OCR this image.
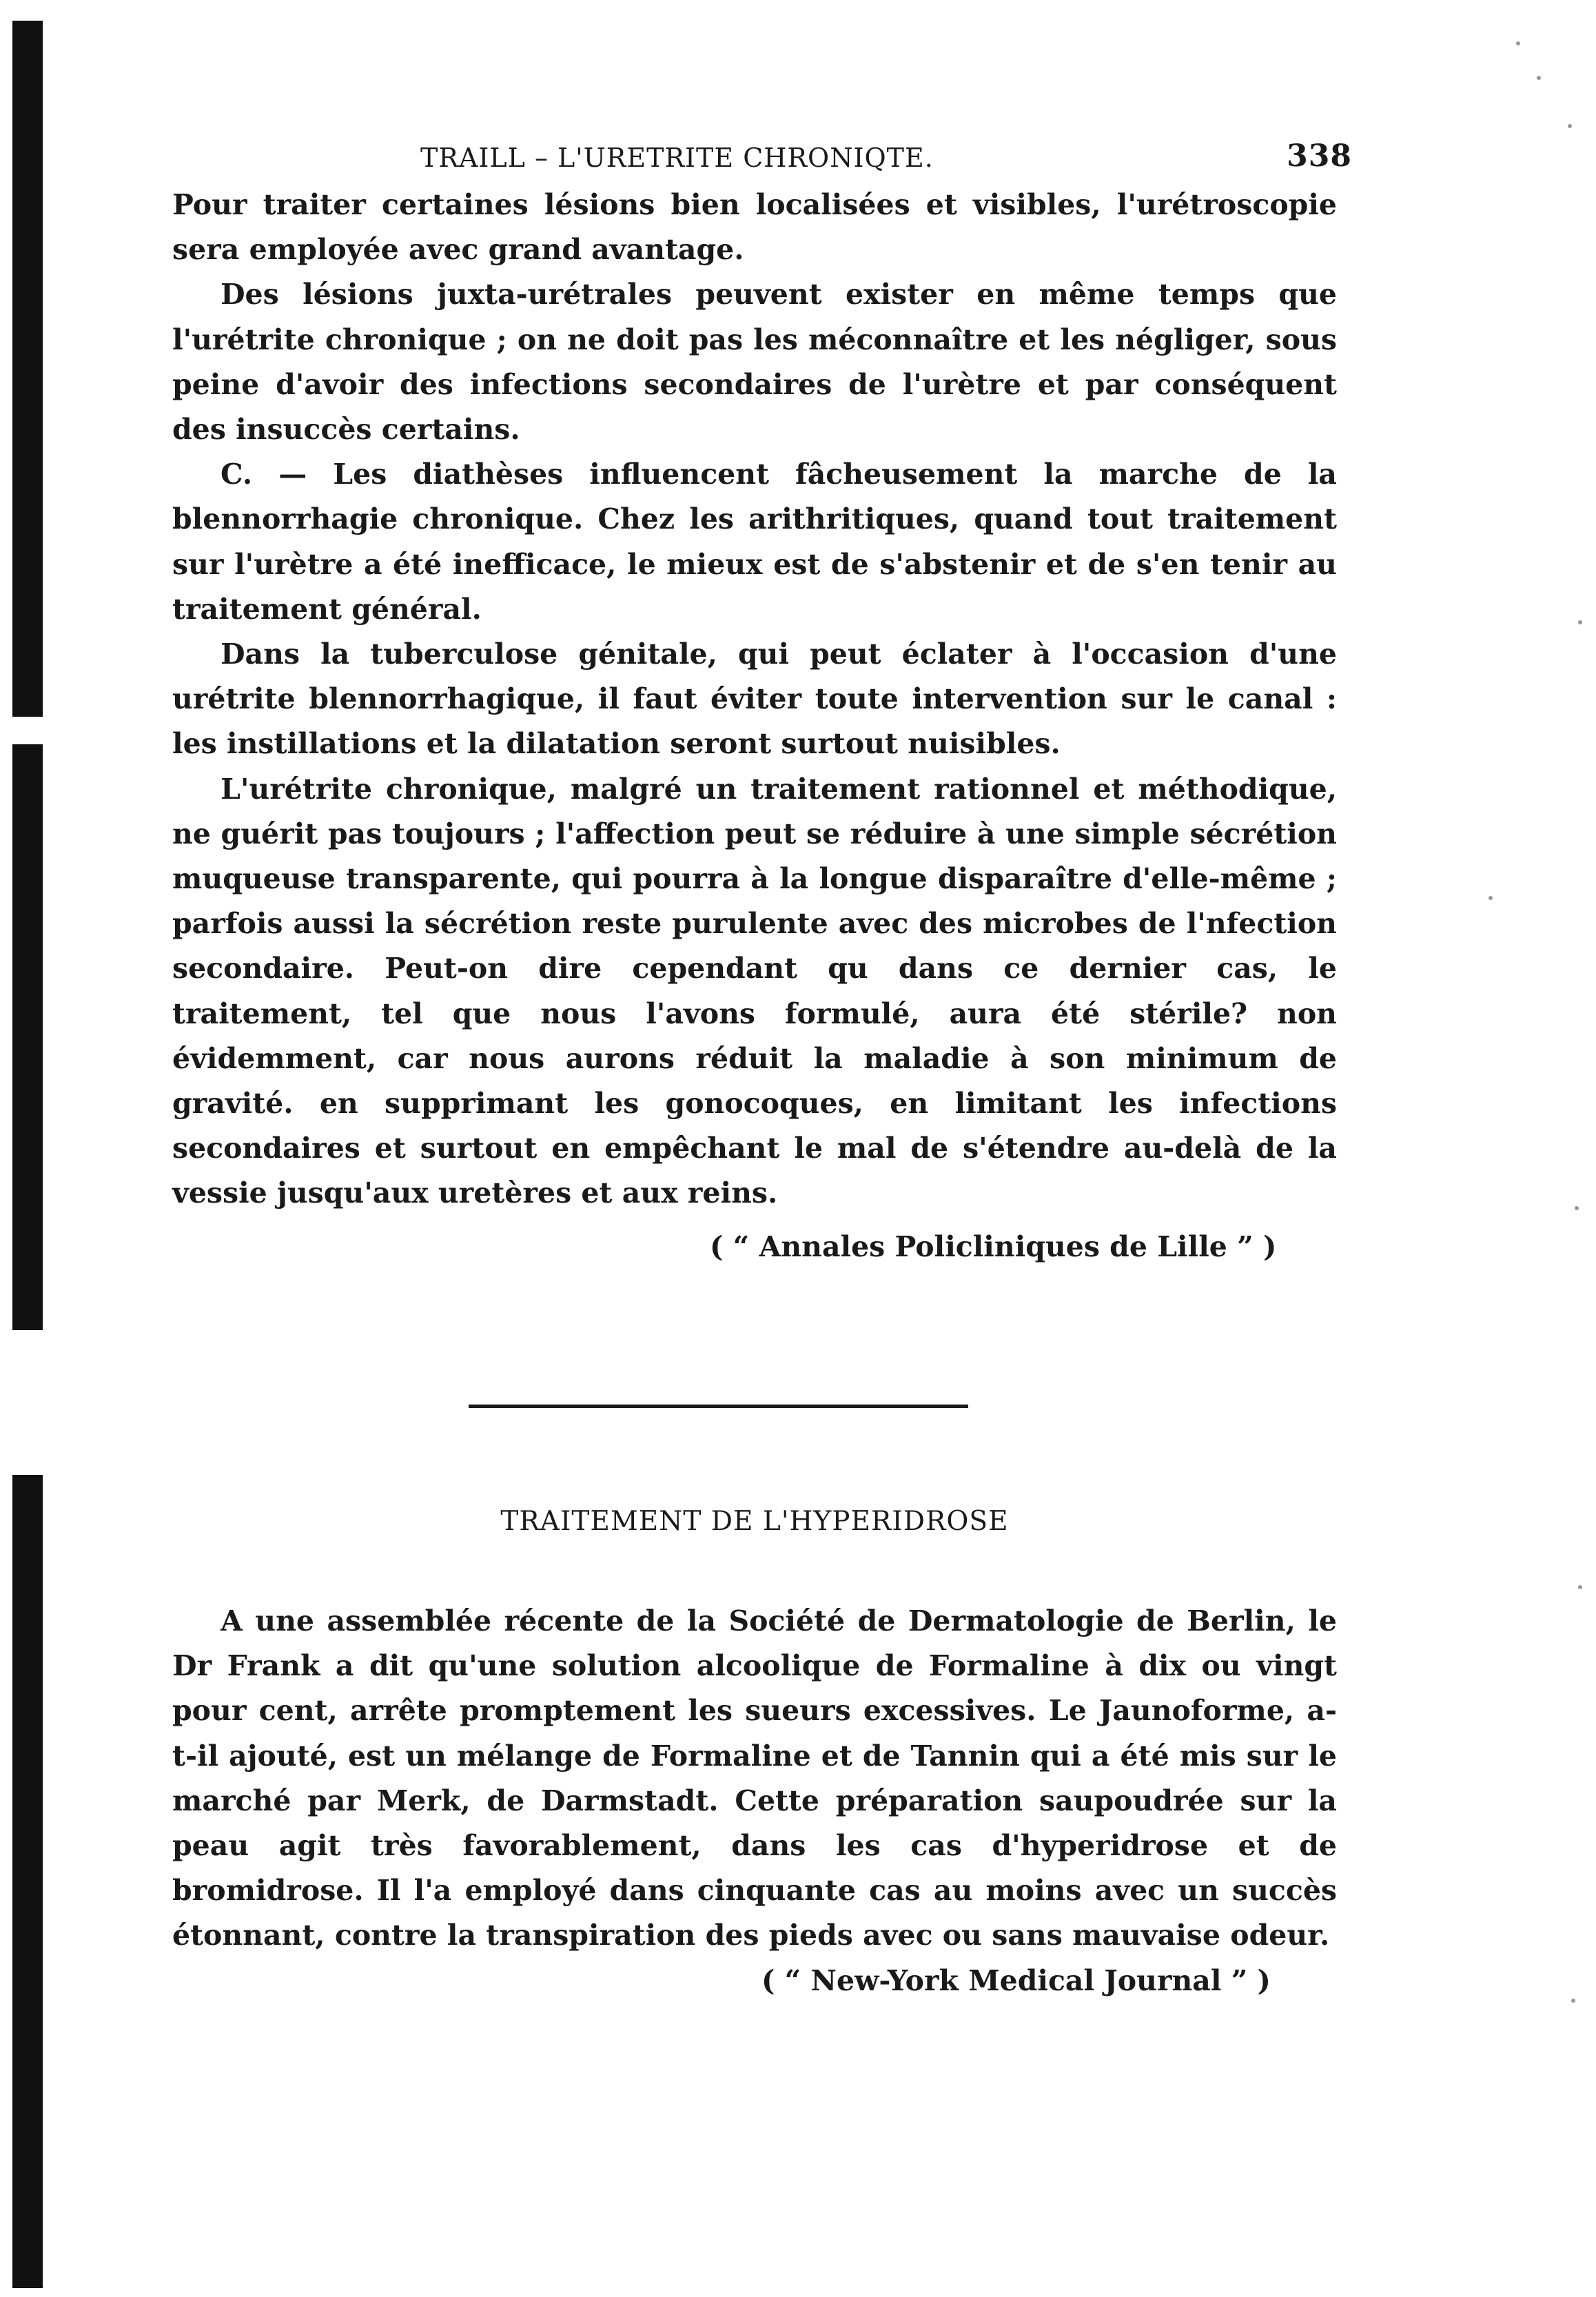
TRAILL – L'URETRITE CHRONIQTE.	338

Pour traiter certaines lésions bien localisées et visibles, l'urétroscopie sera employée avec grand avantage.

Des lésions juxta-urétrales peuvent exister en même temps que l'urétrite chronique ; on ne doit pas les méconnaître et les négliger, sous peine d'avoir des infections secondaires de l'urètre et par conséquent des insuccès certains.

C. — Les diathèses influencent fâcheusement la marche de la blennorrhagie chronique. Chez les arithritiques, quand tout traitement sur l'urètre a été inefficace, le mieux est de s'abstenir et de s'en tenir au traitement général.

Dans la tuberculose génitale, qui peut éclater à l'occasion d'une urétrite blennorrhagique, il faut éviter toute intervention sur le canal : les instillations et la dilatation seront surtout nuisibles.

L'urétrite chronique, malgré un traitement rationnel et méthodique, ne guérit pas toujours ; l'affection peut se réduire à une simple sécrétion muqueuse transparente, qui pourra à la longue disparaître d'elle-même ; parfois aussi la sécrétion reste purulente avec des microbes de l'nfection secondaire. Peut-on dire cependant qu dans ce dernier cas, le traitement, tel que nous l'avons formulé, aura été stérile? non évidemment, car nous aurons réduit la maladie à son minimum de gravité. en supprimant les gonocoques, en limitant les infections secondaires et surtout en empêchant le mal de s'étendre au-delà de la vessie jusqu'aux uretères et aux reins.

( “ Annales Policliniques de Lille ” )

TRAITEMENT DE L'HYPERIDROSE

A une assemblée récente de la Société de Dermatologie de Berlin, le Dr Frank a dit qu'une solution alcoolique de Formaline à dix ou vingt pour cent, arrête promptement les sueurs excessives. Le Jaunoforme, a-t-il ajouté, est un mélange de Formaline et de Tannin qui a été mis sur le marché par Merk, de Darmstadt. Cette préparation saupoudrée sur la peau agit très favorablement, dans les cas d'hyperidrose et de bromidrose. Il l'a employé dans cinquante cas au moins avec un succès étonnant, contre la transpiration des pieds avec ou sans mauvaise odeur.

( “ New-York Medical Journal ” )
